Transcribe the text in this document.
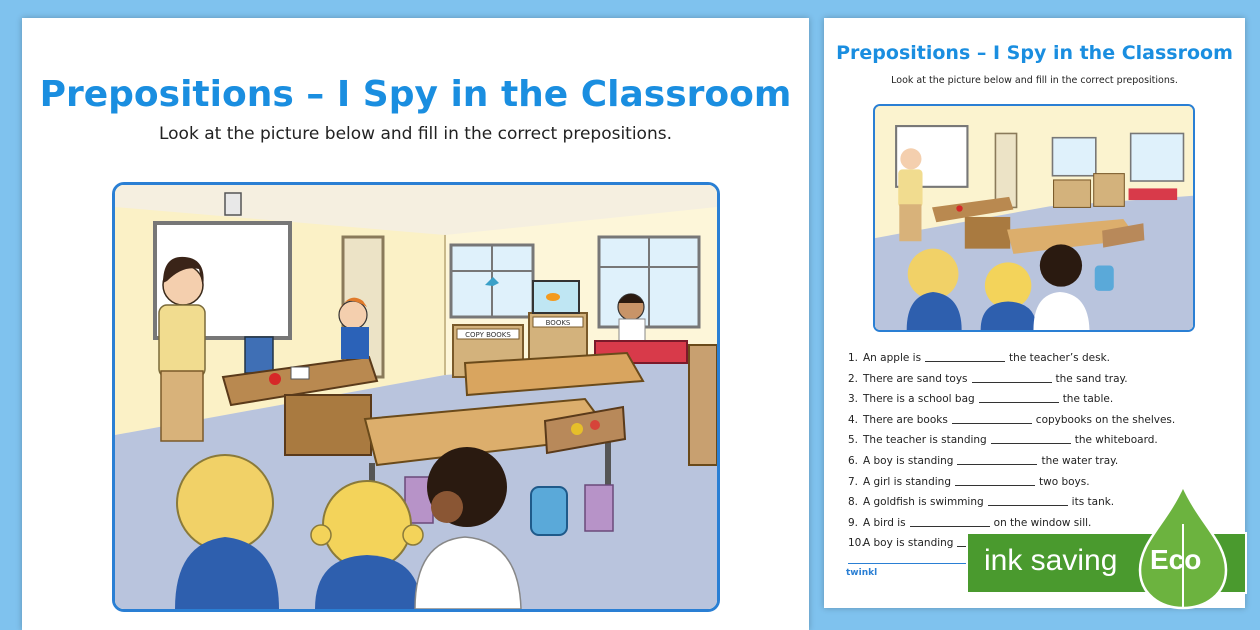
Prepositions – I Spy in the Classroom
Look at the picture below and fill in the correct prepositions.
COPY BOOKS
BOOKS
Prepositions – I Spy in the Classroom
Look at the picture below and fill in the correct prepositions.
1. An apple is	the teacher’s desk.
2. There are sand toys	the sand tray.
3. There is a school bag	the table.
4. There are books	copybooks on the shelves.
5. The teacher is standing	the whiteboard.
6. A boy is standing	the water tray.
7. A girl is standing	two boys.
8. A goldfish is swimming	its tank.
9. A bird is	on the window sill.
10.
A boy is standing
twinkl	ink saving Eco
